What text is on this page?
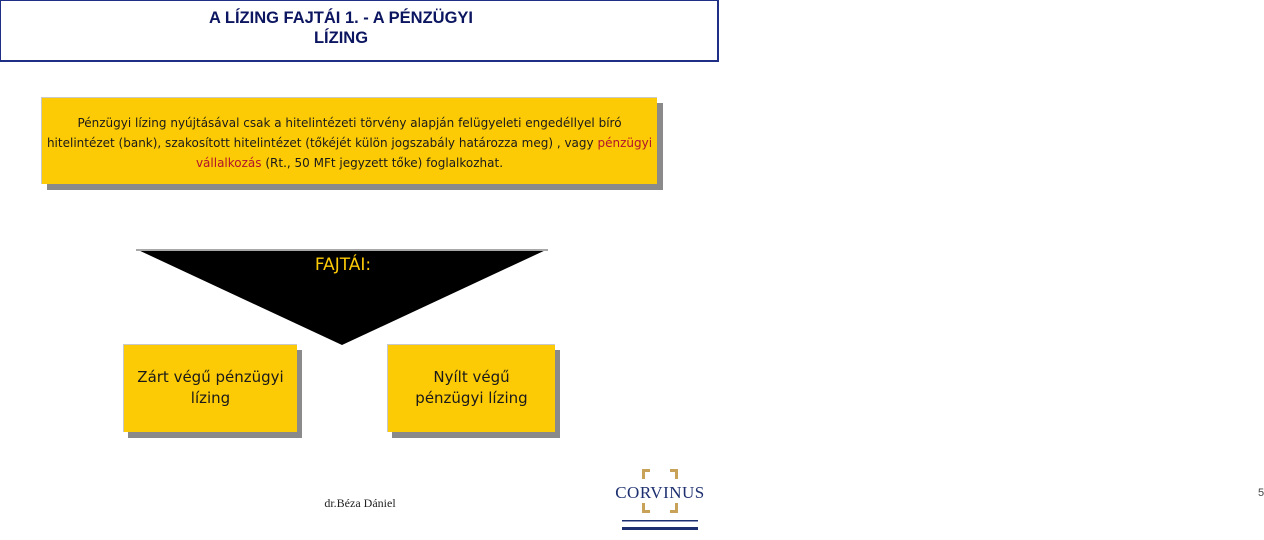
A LÍZING FAJTÁI 1. - A PÉNZÜGYI
LÍZING
Pénzügyi lízing nyújtásával csak a hitelintézeti törvény alapján felügyeleti engedéllyel bíró hitelintézet (bank), szakosított hitelintézet (tőkéjét külön jogszabály határozza meg) , vagy pénzügyi vállalkozás (Rt., 50 MFt jegyzett tőke) foglalkozhat.
FAJTÁI:
Zárt végű pénzügyi
lízing
Nyílt végű
pénzügyi lízing
dr.Béza Dániel
CORVINUS	5
